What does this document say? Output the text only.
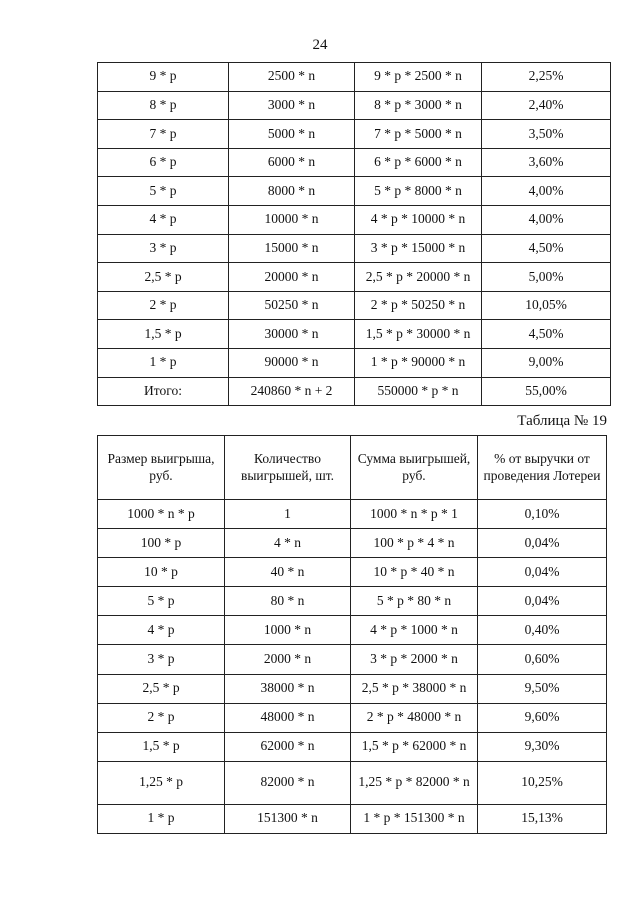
24
9 * p	2500 * n	9 * p * 2500 * n	2,25%
8 * p	3000 * n	8 * p * 3000 * n	2,40%
7 * p	5000 * n	7 * p * 5000 * n	3,50%
6 * p	6000 * n	6 * p * 6000 * n	3,60%
5 * p	8000 * n	5 * p * 8000 * n	4,00%
4 * p	10000 * n	4 * p * 10000 * n	4,00%
3 * p	15000 * n	3 * p * 15000 * n	4,50%
2,5 * p	20000 * n	2,5 * p * 20000 * n	5,00%
2 * p	50250 * n	2 * p * 50250 * n	10,05%
1,5 * p	30000 * n	1,5 * p * 30000 * n	4,50%
1 * p	90000 * n	1 * p * 90000 * n	9,00%
Итого:	240860 * n + 2	550000 * p * n	55,00%
Таблица № 19
Размер выигрыша, руб.	Количество выигрышей, шт.	Сумма выигрышей, руб.	% от выручки от проведения Лотереи
1000 * n * p	1	1000 * n * p * 1	0,10%
100 * p	4 * n	100 * p * 4 * n	0,04%
10 * p	40 * n	10 * p * 40 * n	0,04%
5 * p	80 * n	5 * p * 80 * n	0,04%
4 * p	1000 * n	4 * p * 1000 * n	0,40%
3 * p	2000 * n	3 * p * 2000 * n	0,60%
2,5 * p	38000 * n	2,5 * p * 38000 * n	9,50%
2 * p	48000 * n	2 * p * 48000 * n	9,60%
1,5 * p	62000 * n	1,5 * p * 62000 * n	9,30%
1,25 * p	82000 * n	1,25 * p * 82000 * n	10,25%
1 * p	151300 * n	1 * p * 151300 * n	15,13%
